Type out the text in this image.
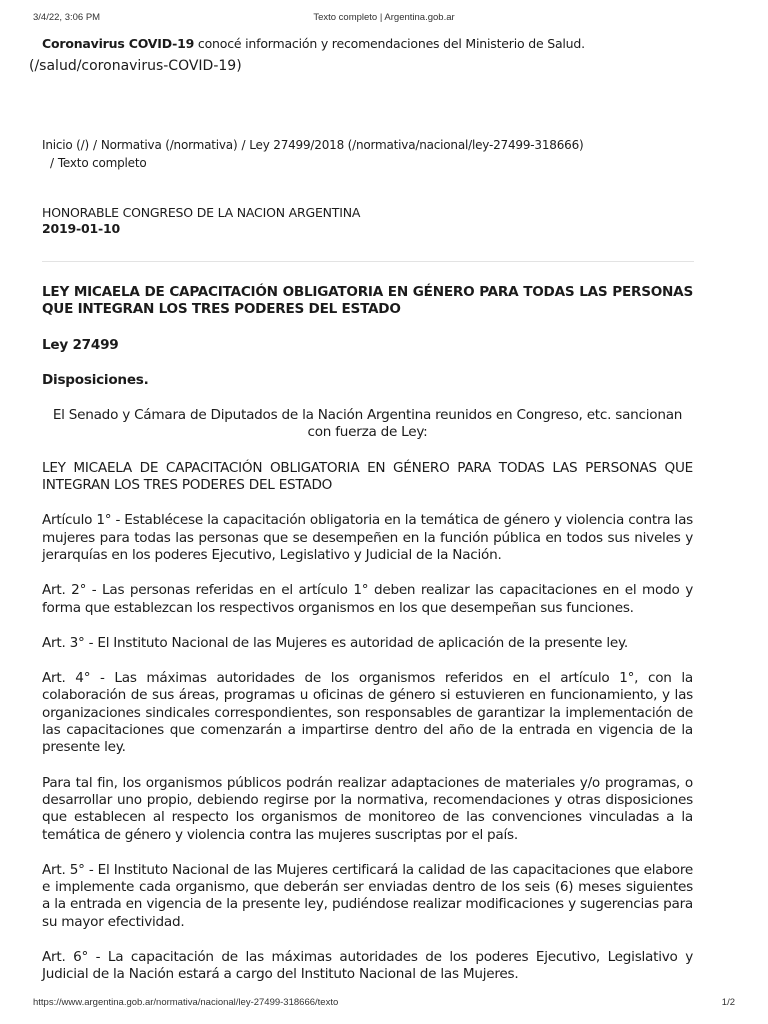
Texto completo | Argentina.gob.ar
3/4/22, 3:06 PM
Coronavirus COVID-19 conocé información y recomendaciones del Ministerio de Salud.
(/salud/coronavirus-COVID-19)
Inicio (/) / Normativa (/normativa) / Ley 27499/2018 (/normativa/nacional/ley-27499-318666)
/ Texto completo
HONORABLE CONGRESO DE LA NACION ARGENTINA
2019-01-10

LEY MICAELA DE CAPACITACIÓN OBLIGATORIA EN GÉNERO PARA TODAS LAS PERSONAS QUE INTEGRAN LOS TRES PODERES DEL ESTADO

Ley 27499

Disposiciones.

El Senado y Cámara de Diputados de la Nación Argentina reunidos en Congreso, etc. sancionan con fuerza de Ley:

LEY MICAELA DE CAPACITACIÓN OBLIGATORIA EN GÉNERO PARA TODAS LAS PERSONAS QUE INTEGRAN LOS TRES PODERES DEL ESTADO

Artículo 1° - Establécese la capacitación obligatoria en la temática de género y violencia contra las mujeres para todas las personas que se desempeñen en la función pública en todos sus niveles y jerarquías en los poderes Ejecutivo, Legislativo y Judicial de la Nación.

Art. 2° - Las personas referidas en el artículo 1° deben realizar las capacitaciones en el modo y forma que establezcan los respectivos organismos en los que desempeñan sus funciones.

Art. 3° - El Instituto Nacional de las Mujeres es autoridad de aplicación de la presente ley.

Art. 4° - Las máximas autoridades de los organismos referidos en el artículo 1°, con la colaboración de sus áreas, programas u oficinas de género si estuvieren en funcionamiento, y las organizaciones sindicales correspondientes, son responsables de garantizar la implementación de las capacitaciones que comenzarán a impartirse dentro del año de la entrada en vigencia de la presente ley.

Para tal fin, los organismos públicos podrán realizar adaptaciones de materiales y/o programas, o desarrollar uno propio, debiendo regirse por la normativa, recomendaciones y otras disposiciones que establecen al respecto los organismos de monitoreo de las convenciones vinculadas a la temática de género y violencia contra las mujeres suscriptas por el país.

Art. 5° - El Instituto Nacional de las Mujeres certificará la calidad de las capacitaciones que elabore e implemente cada organismo, que deberán ser enviadas dentro de los seis (6) meses siguientes a la entrada en vigencia de la presente ley, pudiéndose realizar modificaciones y sugerencias para su mayor efectividad.

Art. 6° - La capacitación de las máximas autoridades de los poderes Ejecutivo, Legislativo y Judicial de la Nación estará a cargo del Instituto Nacional de las Mujeres.

https://www.argentina.gob.ar/normativa/nacional/ley-27499-318666/texto	1/2
